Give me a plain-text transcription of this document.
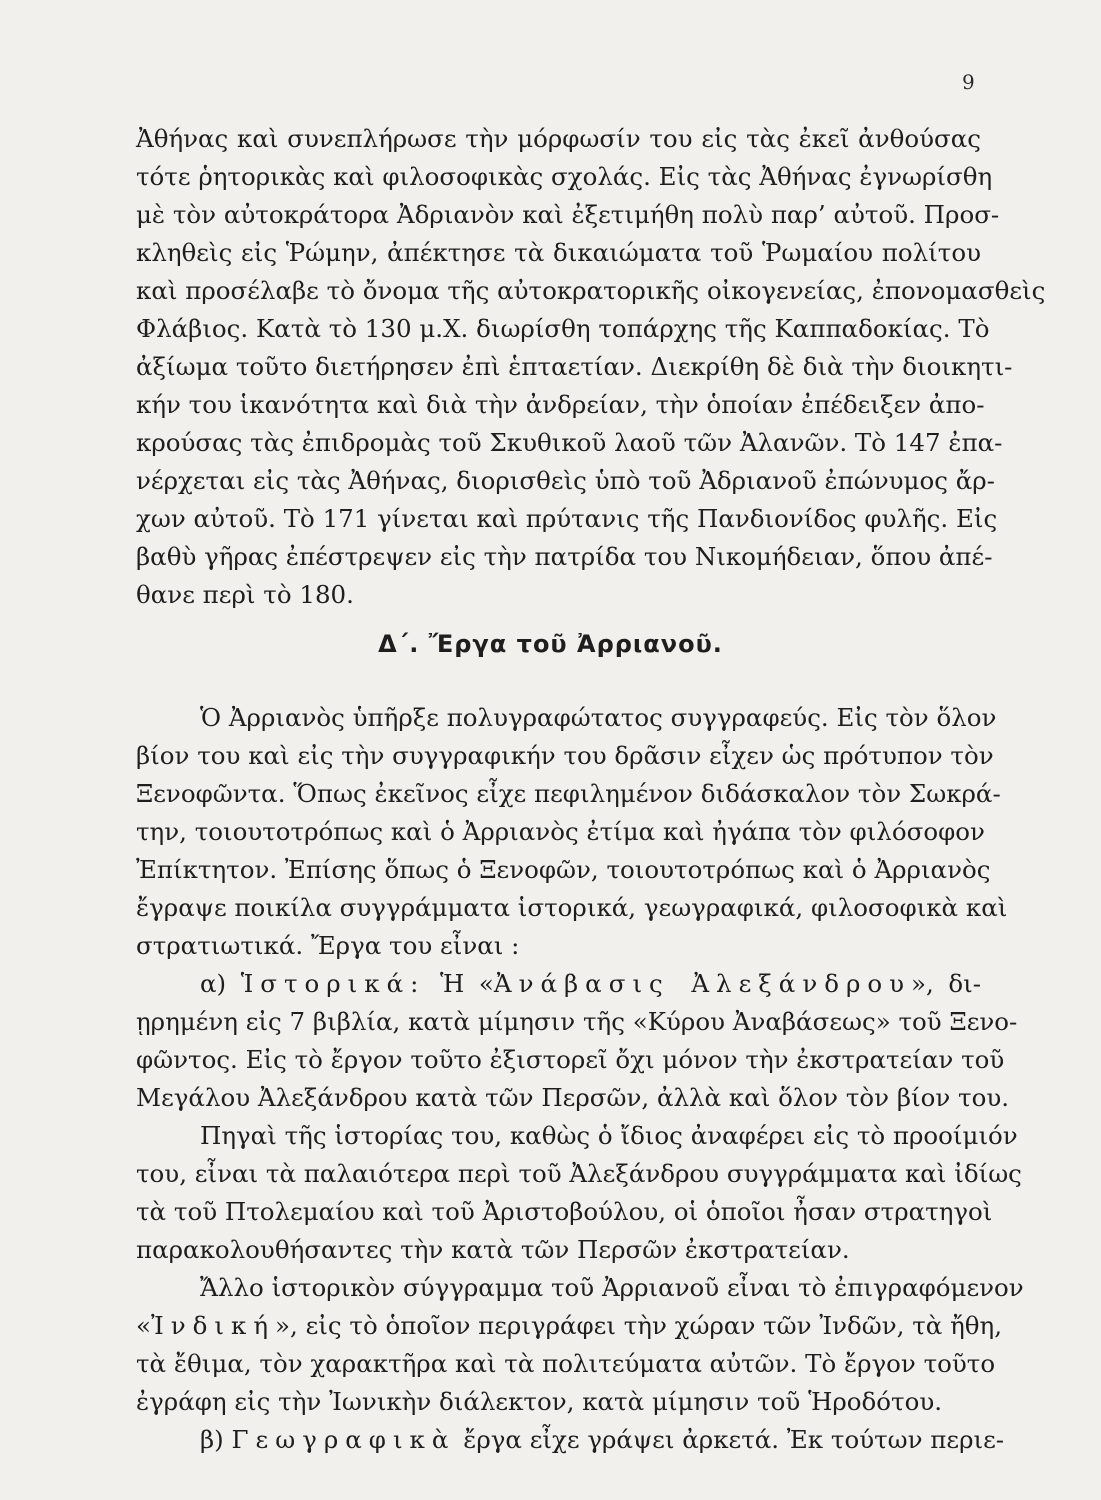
9
Ἀθήνας καὶ συνεπλήρωσε τὴν μόρφωσίν του εἰς τὰς ἐκεῖ ἀνθούσας
τότε ῥητορικὰς καὶ φιλοσοφικὰς σχολάς. Εἰς τὰς Ἀθήνας ἐγνωρίσθη
μὲ τὸν αὐτοκράτορα Ἀδριανὸν καὶ ἐξετιμήθη πολὺ παρ’ αὐτοῦ. Προσ-
κληθεὶς εἰς Ῥώμην, ἀπέκτησε τὰ δικαιώματα τοῦ Ῥωμαίου πολίτου
καὶ προσέλαβε τὸ ὄνομα τῆς αὐτοκρατορικῆς οἰκογενείας, ἐπονομασθεὶς
Φλάβιος. Κατὰ τὸ 130 μ.Χ. διωρίσθη τοπάρχης τῆς Καππαδοκίας. Τὸ
ἀξίωμα τοῦτο διετήρησεν ἐπὶ ἑπταετίαν. Διεκρίθη δὲ διὰ τὴν διοικητι-
κήν του ἱκανότητα καὶ διὰ τὴν ἀνδρείαν, τὴν ὁποίαν ἐπέδειξεν ἀπο-
κρούσας τὰς ἐπιδρομὰς τοῦ Σκυθικοῦ λαοῦ τῶν Ἀλανῶν. Τὸ 147 ἐπα-
νέρχεται εἰς τὰς Ἀθήνας, διορισθεὶς ὑπὸ τοῦ Ἀδριανοῦ ἐπώνυμος ἄρ-
χων αὐτοῦ. Τὸ 171 γίνεται καὶ πρύτανις τῆς Πανδιονίδος φυλῆς. Εἰς
βαθὺ γῆρας ἐπέστρεψεν εἰς τὴν πατρίδα του Νικομήδειαν, ὅπου ἀπέ-
θανε περὶ τὸ 180.
Δ΄. Ἔργα τοῦ Ἀρριανοῦ.
Ὁ Ἀρριανὸς ὑπῆρξε πολυγραφώτατος συγγραφεύς. Εἰς τὸν ὅλον
βίον του καὶ εἰς τὴν συγγραφικήν του δρᾶσιν εἶχεν ὡς πρότυπον τὸν
Ξενοφῶντα. Ὅπως ἐκεῖνος εἶχε πεφιλημένον διδάσκαλον τὸν Σωκρά-
την, τοιουτοτρόπως καὶ ὁ Ἀρριανὸς ἐτίμα καὶ ἠγάπα τὸν φιλόσοφον
Ἐπίκτητον. Ἐπίσης ὅπως ὁ Ξενοφῶν, τοιουτοτρόπως καὶ ὁ Ἀρριανὸς
ἔγραψε ποικίλα συγγράμματα ἱστορικά, γεωγραφικά, φιλοσοφικὰ καὶ
στρατιωτικά. Ἔργα του εἶναι :
α) Ἱστορικά: Ἡ «Ἀνάβασις Ἀλεξάνδρου», δι-
ῃρημένη εἰς 7 βιβλία, κατὰ μίμησιν τῆς «Κύρου Ἀναβάσεως» τοῦ Ξενο-
φῶντος. Εἰς τὸ ἔργον τοῦτο ἐξιστορεῖ ὄχι μόνον τὴν ἐκστρατείαν τοῦ
Μεγάλου Ἀλεξάνδρου κατὰ τῶν Περσῶν, ἀλλὰ καὶ ὅλον τὸν βίον του.
Πηγαὶ τῆς ἱστορίας του, καθὼς ὁ ἴδιος ἀναφέρει εἰς τὸ προοίμιόν
του, εἶναι τὰ παλαιότερα περὶ τοῦ Ἀλεξάνδρου συγγράμματα καὶ ἰδίως
τὰ τοῦ Πτολεμαίου καὶ τοῦ Ἀριστοβούλου, οἱ ὁποῖοι ἦσαν στρατηγοὶ
παρακολουθήσαντες τὴν κατὰ τῶν Περσῶν ἐκστρατείαν.
Ἄλλο ἱστορικὸν σύγγραμμα τοῦ Ἀρριανοῦ εἶναι τὸ ἐπιγραφόμενον
«Ἰνδική», εἰς τὸ ὁποῖον περιγράφει τὴν χώραν τῶν Ἰνδῶν, τὰ ἤθη,
τὰ ἔθιμα, τὸν χαρακτῆρα καὶ τὰ πολιτεύματα αὐτῶν. Τὸ ἔργον τοῦτο
ἐγράφη εἰς τὴν Ἰωνικὴν διάλεκτον, κατὰ μίμησιν τοῦ Ἡροδότου.
β) Γεωγραφικὰ ἔργα εἶχε γράψει ἀρκετά. Ἐκ τούτων περιε-
